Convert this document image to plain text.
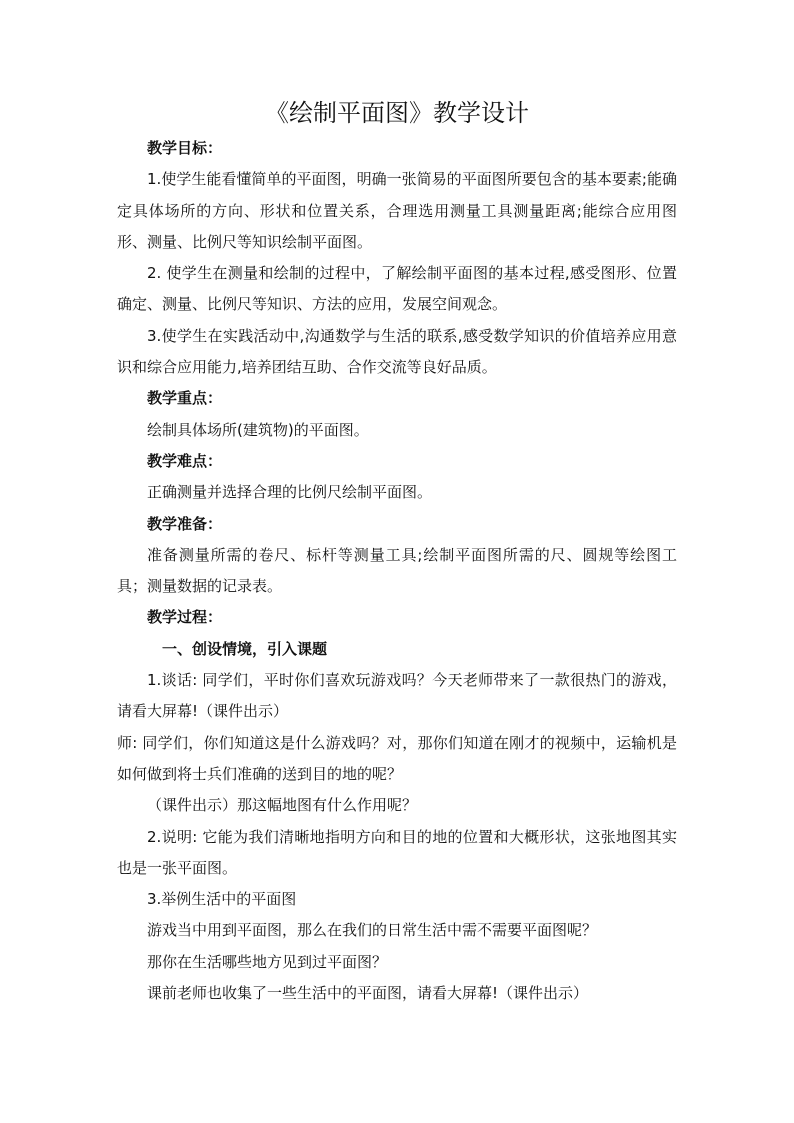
《绘制平面图》教学设计

教学目标：

1.使学生能看懂简单的平面图，明确一张简易的平面图所要包含的基本要素;能确定具体场所的方向、形状和位置关系，合理选用测量工具测量距离;能综合应用图形、测量、比例尺等知识绘制平面图。

2. 使学生在测量和绘制的过程中，了解绘制平面图的基本过程,感受图形、位置确定、测量、比例尺等知识、方法的应用，发展空间观念。

3.使学生在实践活动中,沟通数学与生活的联系,感受数学知识的价值培养应用意识和综合应用能力,培养团结互助、合作交流等良好品质。

教学重点：

绘制具体场所(建筑物)的平面图。

教学难点：

正确测量并选择合理的比例尺绘制平面图。

教学准备：

准备测量所需的卷尺、标杆等测量工具;绘制平面图所需的尺、圆规等绘图工具；测量数据的记录表。

教学过程：

一、创设情境，引入课题

1.谈话: 同学们，平时你们喜欢玩游戏吗？今天老师带来了一款很热门的游戏，请看大屏幕!（课件出示）

师: 同学们，你们知道这是什么游戏吗？对，那你们知道在刚才的视频中，运输机是如何做到将士兵们准确的送到目的地的呢？

（课件出示）那这幅地图有什么作用呢？

2.说明: 它能为我们清晰地指明方向和目的地的位置和大概形状，这张地图其实也是一张平面图。

3.举例生活中的平面图

游戏当中用到平面图，那么在我们的日常生活中需不需要平面图呢？

那你在生活哪些地方见到过平面图？

课前老师也收集了一些生活中的平面图，请看大屏幕!（课件出示）
